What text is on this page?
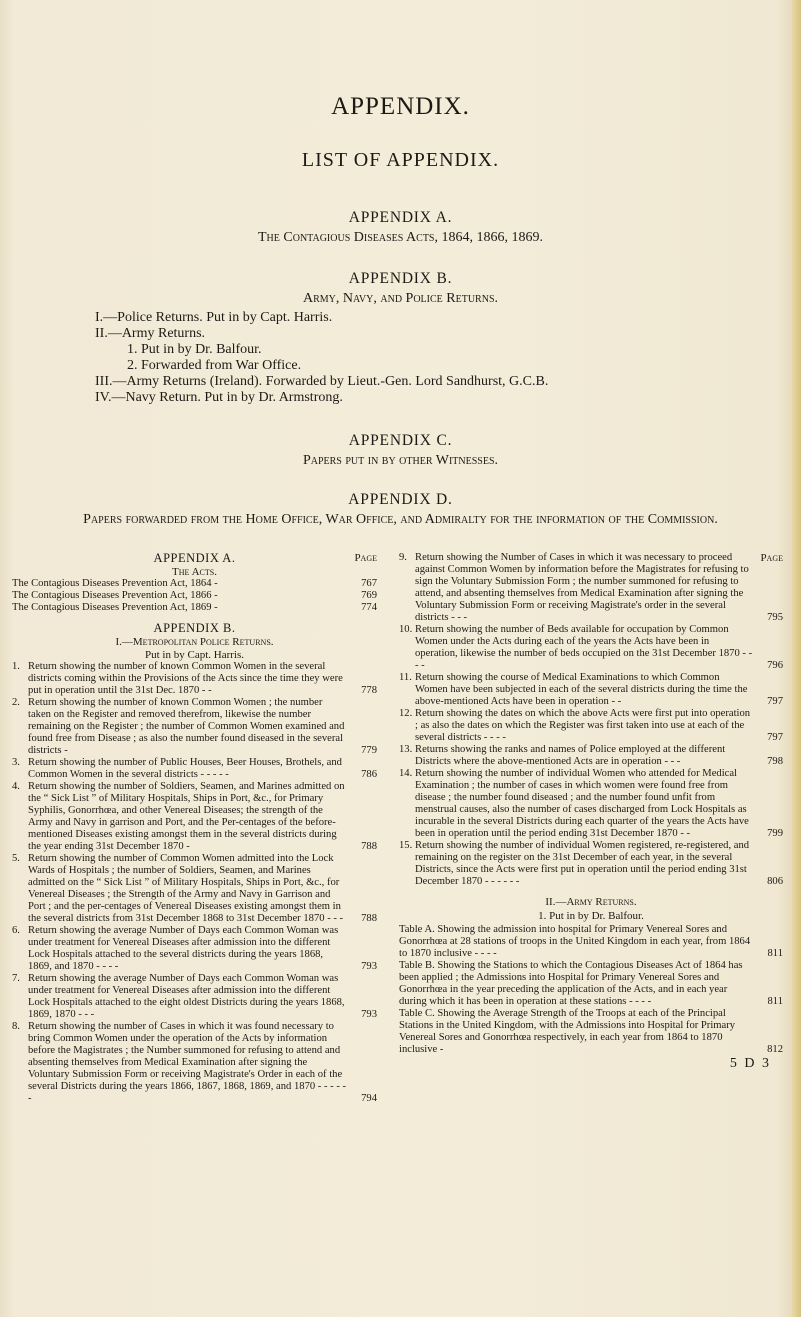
APPENDIX.
LIST OF APPENDIX.
APPENDIX A.
The Contagious Diseases Acts, 1864, 1866, 1869.
APPENDIX B.
Army, Navy, and Police Returns.
I.—Police Returns. Put in by Capt. Harris.
II.—Army Returns.
1. Put in by Dr. Balfour.
2. Forwarded from War Office.
III.—Army Returns (Ireland). Forwarded by Lieut.-Gen. Lord Sandhurst, G.C.B.
IV.—Navy Return. Put in by Dr. Armstrong.
APPENDIX C.
Papers put in by other Witnesses.
APPENDIX D.
Papers forwarded from the Home Office, War Office, and Admiralty for the information of the Commission.
APPENDIX A.	Page
The Acts.
The Contagious Diseases Prevention Act, 1864 -	767
The Contagious Diseases Prevention Act, 1866 -	769
The Contagious Diseases Prevention Act, 1869 -	774
APPENDIX B.
I.—Metropolitan Police Returns.
Put in by Capt. Harris.
1. Return showing the number of known Common Women in the several districts coming within the Provisions of the Acts since the time they were put in operation until the 31st Dec. 1870 - -	778
2. Return showing the number of known Common Women ; the number taken on the Register and removed therefrom, likewise the number remaining on the Register ; the number of Common Women examined and found free from Disease ; as also the number found diseased in the several districts -	779
3. Return showing the number of Public Houses, Beer Houses, Brothels, and Common Women in the several districts - - - - -	786
4. Return showing the number of Soldiers, Seamen, and Marines admitted on the “ Sick List ” of Military Hospitals, Ships in Port, &c., for Primary Syphilis, Gonorrhœa, and other Venereal Diseases; the strength of the Army and Navy in garrison and Port, and the Per-centages of the before-mentioned Diseases existing amongst them in the several districts during the year ending 31st December 1870 -	788
5. Return showing the number of Common Women admitted into the Lock Wards of Hospitals ; the number of Soldiers, Seamen, and Marines admitted on the “ Sick List ” of Military Hospitals, Ships in Port, &c., for Venereal Diseases ; the Strength of the Army and Navy in Garrison and Port ; and the per-centages of Venereal Diseases existing amongst them in the several districts from 31st December 1868 to 31st December 1870 - - - 788
6. Return showing the average Number of Days each Common Woman was under treatment for Venereal Diseases after admission into the different Lock Hospitals attached to the several districts during the years 1868, 1869, and 1870 - - - -	793
7. Return showing the average Number of Days each Common Woman was under treatment for Venereal Diseases after admission into the different Lock Hospitals attached to the eight oldest Districts during the years 1868, 1869, 1870 - - -	793
8. Return showing the number of Cases in which it was found necessary to bring Common Women under the operation of the Acts by information before the Magistrates ; the Number summoned for refusing to attend and absenting themselves from Medical Examination after signing the Voluntary Submission Form or receiving Magistrate's Order in each of the several Districts during the years 1866, 1867, 1868, 1869, and 1870 - - - - - -	794
Page
9. Return showing the Number of Cases in which it was necessary to proceed against Common Women by information before the Magistrates for refusing to sign the Voluntary Submission Form ; the number summoned for refusing to attend, and absenting themselves from Medical Examination after signing the Voluntary Submission Form or receiving Magistrate's order in the several districts - - -	795
10. Return showing the number of Beds available for occupation by Common Women under the Acts during each of the years the Acts have been in operation, likewise the number of beds occupied on the 31st December 1870 - - - -	796
11. Return showing the course of Medical Examinations to which Common Women have been subjected in each of the several districts during the time the above-mentioned Acts have been in operation - -	797
12. Return showing the dates on which the above Acts were first put into operation ; as also the dates on which the Register was first taken into use at each of the several districts - - - -	797
13. Returns showing the ranks and names of Police employed at the different Districts where the above-mentioned Acts are in operation - - -	798
14. Return showing the number of individual Women who attended for Medical Examination ; the number of cases in which women were found free from disease ; the number found diseased ; and the number found unfit from menstrual causes, also the number of cases discharged from Lock Hospitals as incurable in the several Districts during each quarter of the years the Acts have been in operation until the period ending 31st December 1870 - -	799
15. Return showing the number of individual Women registered, re-registered, and remaining on the register on the 31st December of each year, in the several Districts, since the Acts were first put in operation until the period ending 31st December 1870 - - - - - -	806
II.—Army Returns.
1. Put in by Dr. Balfour.
Table A. Showing the admission into hospital for Primary Venereal Sores and Gonorrhœa at 28 stations of troops in the United Kingdom in each year, from 1864 to 1870 inclusive - - - -	811
Table B. Showing the Stations to which the Contagious Diseases Act of 1864 has been applied ; the Admissions into Hospital for Primary Venereal Sores and Gonorrhœa in the year preceding the application of the Acts, and in each year during which it has been in operation at these stations - - - -	811
Table C. Showing the Average Strength of the Troops at each of the Principal Stations in the United Kingdom, with the Admissions into Hospital for Primary Venereal Sores and Gonorrhœa respectively, in each year from 1864 to 1870 inclusive -	812
5 D 3
